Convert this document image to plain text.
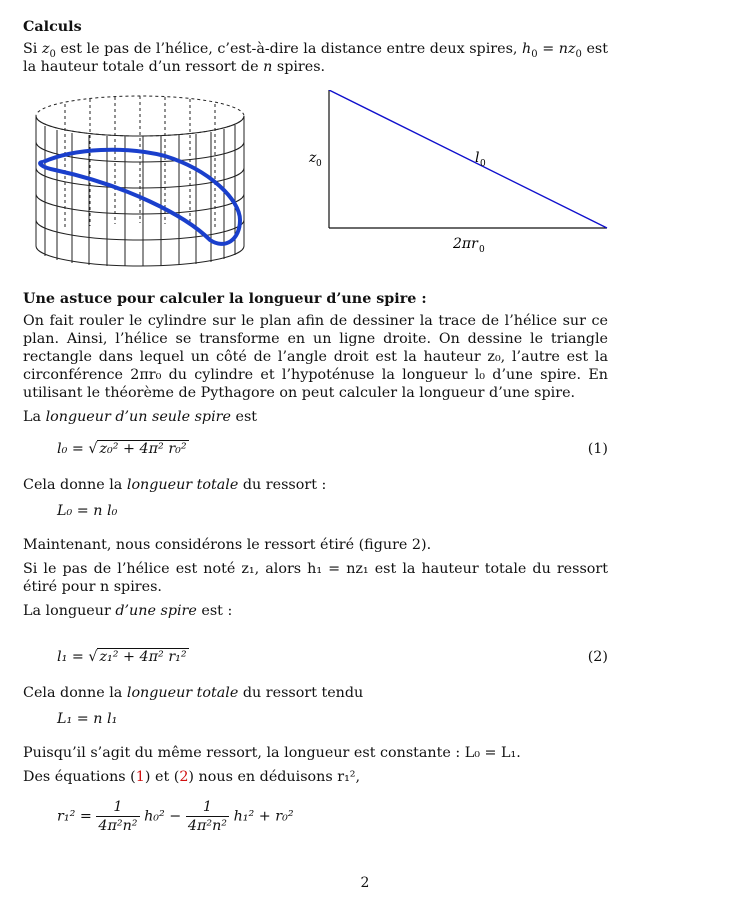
Calculs

Si $z_0$ est le pas de l’hélice, c’est-à-dire la distance entre deux spires, $h_0 = nz_0$ est la hauteur totale d’un ressort de n spires.

z 0	l 0
2πr 0
Une astuce pour calculer la longueur d’une spire :

On fait rouler le cylindre sur le plan afin de dessiner la trace de l’hélice sur ce plan. Ainsi, l’hélice se transforme en un ligne droite. On dessine le triangle rectangle dans lequel un côté de l’angle droit est la hauteur z₀, l’autre est la circonférence 2πr₀ du cylindre et l’hypoténuse la longueur l₀ d’une spire. En utilisant le théorème de Pythagore on peut calculer la longueur d’une spire.

La longueur d’un seule spire est

l₀ = √ z₀² + 4π² r₀²	(1)

Cela donne la longueur totale du ressort :

L₀ = n l₀

Maintenant, nous considérons le ressort étiré (figure 2).

Si le pas de l’hélice est noté z₁, alors h₁ = nz₁ est la hauteur totale du ressort étiré pour n spires.

La longueur d’une spire est :

l₁ = √ z₁² + 4π² r₁²	(2)

Cela donne la longueur totale du ressort tendu

L₁ = n l₁

Puisqu’il s’agit du même ressort, la longueur est constante : L₀ = L₁.

Des équations (1) et (2) nous en déduisons r₁²,

$r_1^2 = \frac{1}{\text{4π²n²}} h_0^2 - \frac{1}{\text{4π²n²}} h_1^2 + r_0^2$
2
